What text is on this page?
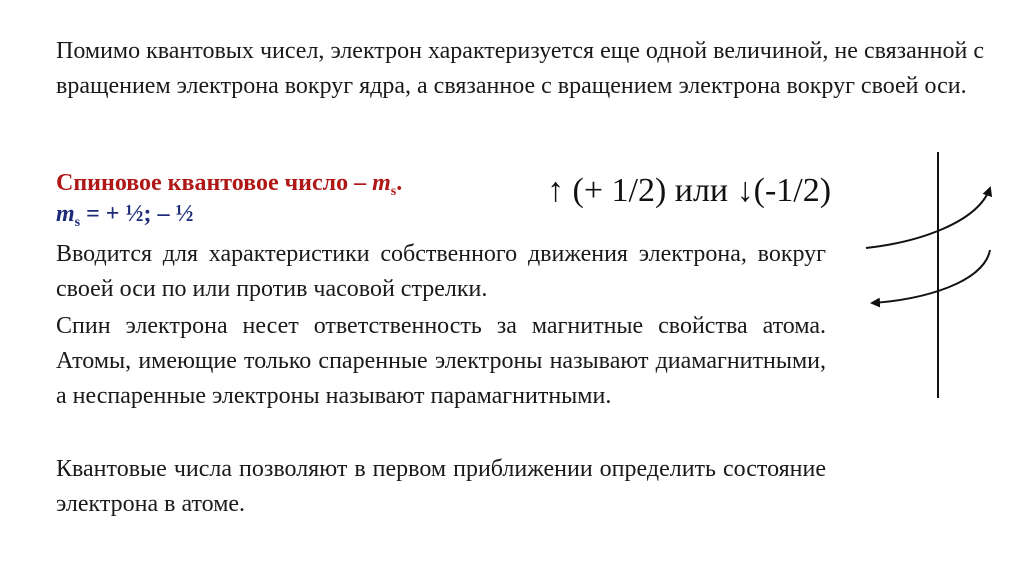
Помимо квантовых чисел, электрон характеризуется еще одной величиной, не связанной с вращением электрона вокруг ядра, а связанное с вращением электрона вокруг своей оси.
Спиновое квантовое число – $m_s$.
$m_s$ = + ½; – ½
↑ (+ 1/2) или ↓(-1/2)
Вводится для характеристики собственного движения электрона, вокруг своей оси по или против часовой стрелки.
Спин электрона несет ответственность за магнитные свойства атома. Атомы, имеющие только спаренные электроны называют диамагнитными, а неспаренные электроны называют парамагнитными.
Квантовые числа позволяют в первом приближении определить состояние электрона в атоме.
